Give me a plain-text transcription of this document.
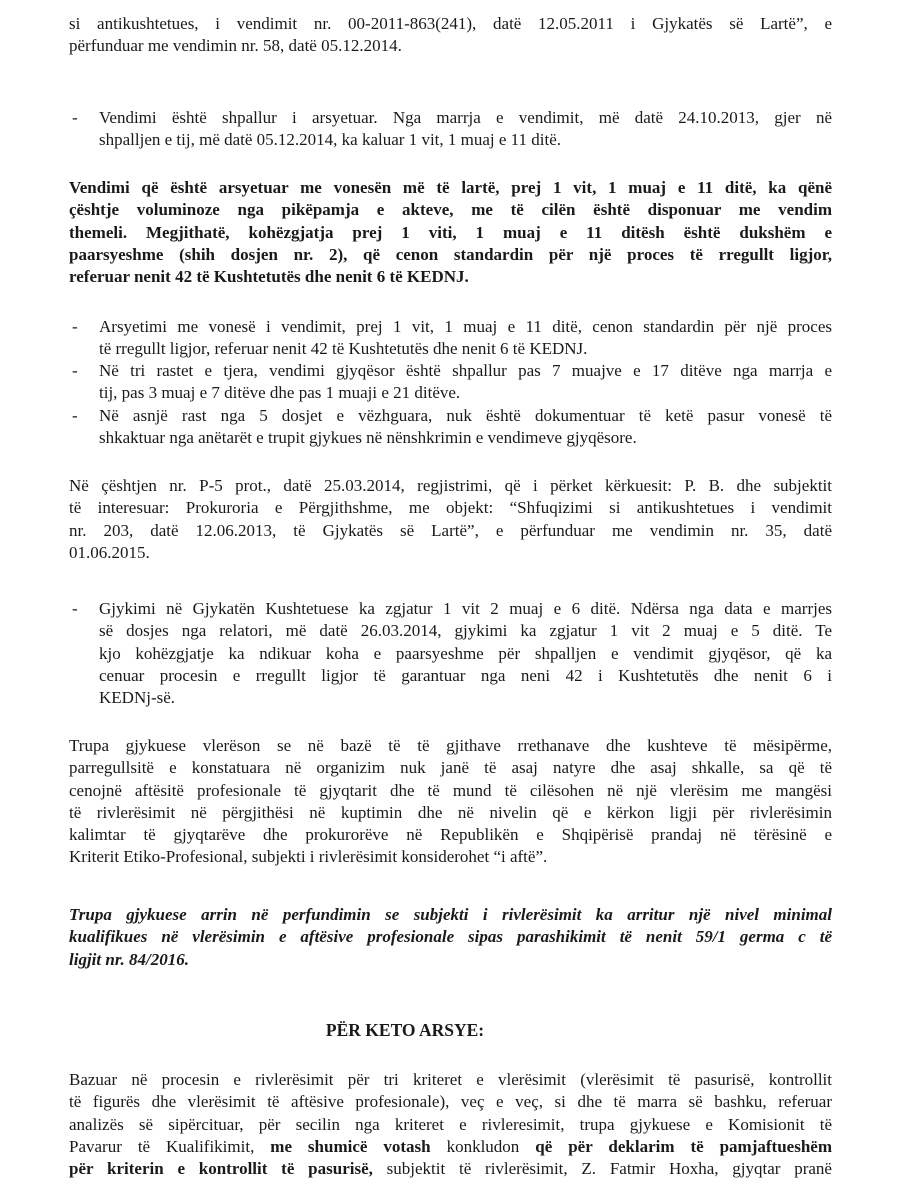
si antikushtetues, i vendimit nr. 00-2011-863(241), datë 12.05.2011 i Gjykatës së Lartë”, e
përfunduar me vendimin nr. 58, datë 05.12.2014.
- Vendimi është shpallur i arsyetuar. Nga marrja e vendimit, më datë 24.10.2013, gjer në
shpalljen e tij, më datë 05.12.2014, ka kaluar 1 vit, 1 muaj e 11 ditë.
Vendimi që është arsyetuar me vonesën më të lartë, prej 1 vit, 1 muaj e 11 ditë, ka qënë
çështje voluminoze nga pikëpamja e akteve, me të cilën është disponuar me vendim
themeli. Megjithatë, kohëzgjatja prej 1 viti, 1 muaj e 11 ditësh është dukshëm e
paarsyeshme (shih dosjen nr. 2), që cenon standardin për një proces të rregullt ligjor,
referuar nenit 42 të Kushtetutës dhe nenit 6 të KEDNJ.
- Arsyetimi me vonesë i vendimit, prej 1 vit, 1 muaj e 11 ditë, cenon standardin për një proces
të rregullt ligjor, referuar nenit 42 të Kushtetutës dhe nenit 6 të KEDNJ.
- Në tri rastet e tjera, vendimi gjyqësor është shpallur pas 7 muajve e 17 ditëve nga marrja e
tij, pas 3 muaj e 7 ditëve dhe pas 1 muaji e 21 ditëve.
- Në asnjë rast nga 5 dosjet e vëzhguara, nuk është dokumentuar të ketë pasur vonesë të
shkaktuar nga anëtarët e trupit gjykues në nënshkrimin e vendimeve gjyqësore.
Në çështjen nr. P-5 prot., datë 25.03.2014, regjistrimi, që i përket kërkuesit: P. B. dhe subjektit
të interesuar: Prokuroria e Përgjithshme, me objekt: “Shfuqizimi si antikushtetues i vendimit
nr. 203, datë 12.06.2013, të Gjykatës së Lartë”, e përfunduar me vendimin nr. 35, datë
01.06.2015.
- Gjykimi në Gjykatën Kushtetuese ka zgjatur 1 vit 2 muaj e 6 ditë. Ndërsa nga data e marrjes
së dosjes nga relatori, më datë 26.03.2014, gjykimi ka zgjatur 1 vit 2 muaj e 5 ditë. Te
kjo kohëzgjatje ka ndikuar koha e paarsyeshme për shpalljen e vendimit gjyqësor, që ka
cenuar procesin e rregullt ligjor të garantuar nga neni 42 i Kushtetutës dhe nenit 6 i
KEDNj-së.
Trupa gjykuese vlerëson se në bazë të të gjithave rrethanave dhe kushteve të mësipërme,
parregullsitë e konstatuara në organizim nuk janë të asaj natyre dhe asaj shkalle, sa që të
cenojnë aftësitë profesionale të gjyqtarit dhe të mund të cilësohen në një vlerësim me mangësi
të rivlerësimit në përgjithësi në kuptimin dhe në nivelin që e kërkon ligji për rivlerësimin
kalimtar të gjyqtarëve dhe prokurorëve në Republikën e Shqipërisë prandaj në tërësinë e
Kriterit Etiko-Profesional, subjekti i rivlerësimit konsiderohet “i aftë”.
Trupa gjykuese arrin në perfundimin se subjekti i rivlerësimit ka arritur një nivel minimal
kualifikues në vlerësimin e aftësive profesionale sipas parashikimit të nenit 59/1 germa c të
ligjit nr. 84/2016.
PËR KETO ARSYE:
Bazuar në procesin e rivlerësimit për tri kriteret e vlerësimit (vlerësimit të pasurisë, kontrollit
të figurës dhe vlerësimit të aftësive profesionale), veç e veç, si dhe të marra së bashku, referuar
analizës së sipërcituar, për secilin nga kriteret e rivleresimit, trupa gjykuese e Komisionit të
Pavarur të Kualifikimit, me shumicë votash konkludon që për deklarim të pamjaftueshëm
për kriterin e kontrollit të pasurisë, subjektit të rivlerësimit, Z. Fatmir Hoxha, gjyqtar pranë
